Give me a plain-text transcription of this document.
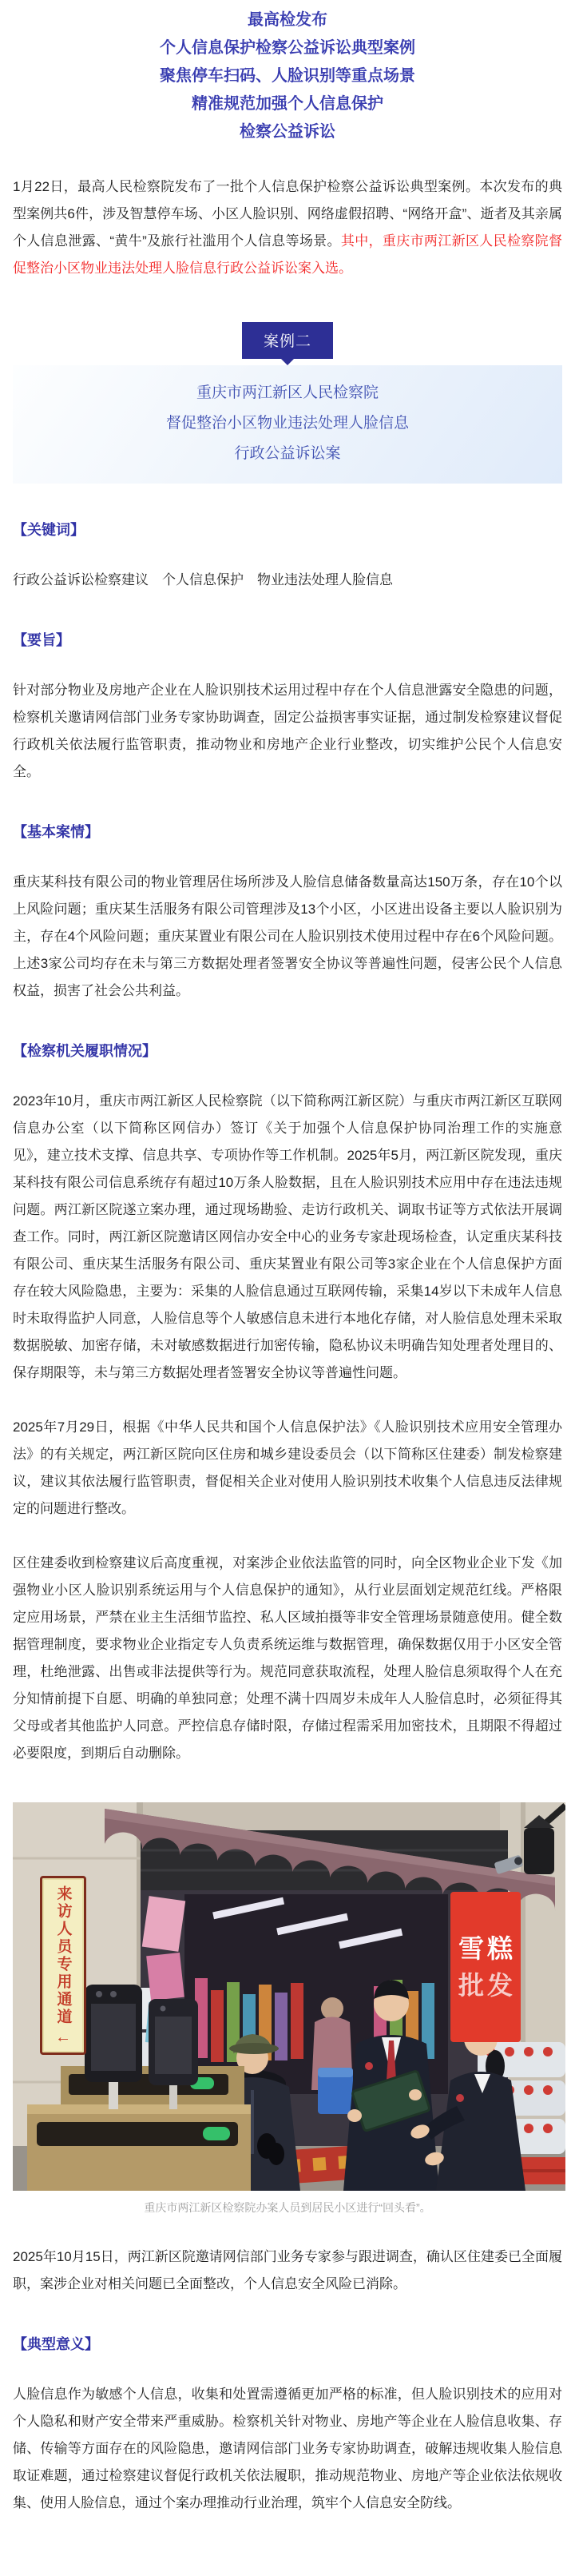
最高检发布

个人信息保护检察公益诉讼典型案例

聚焦停车扫码、人脸识别等重点场景

精准规范加强个人信息保护

检察公益诉讼

1月22日，最高人民检察院发布了一批个人信息保护检察公益诉讼典型案例。本次发布的典型案例共6件，涉及智慧停车场、小区人脸识别、网络虚假招聘、“网络开盒”、逝者及其亲属个人信息泄露、“黄牛”及旅行社滥用个人信息等场景。其中，重庆市两江新区人民检察院督促整治小区物业违法处理人脸信息行政公益诉讼案入选。

案例二

重庆市两江新区人民检察院

督促整治小区物业违法处理人脸信息

行政公益诉讼案

【关键词】

行政公益诉讼检察建议　个人信息保护　物业违法处理人脸信息

【要旨】

针对部分物业及房地产企业在人脸识别技术运用过程中存在个人信息泄露安全隐患的问题，检察机关邀请网信部门业务专家协助调查，固定公益损害事实证据，通过制发检察建议督促行政机关依法履行监管职责，推动物业和房地产企业行业整改，切实维护公民个人信息安全。

【基本案情】

重庆某科技有限公司的物业管理居住场所涉及人脸信息储备数量高达150万条，存在10个以上风险问题；重庆某生活服务有限公司管理涉及13个小区，小区进出设备主要以人脸识别为主，存在4个风险问题；重庆某置业有限公司在人脸识别技术使用过程中存在6个风险问题。上述3家公司均存在未与第三方数据处理者签署安全协议等普遍性问题，侵害公民个人信息权益，损害了社会公共利益。

【检察机关履职情况】

2023年10月，重庆市两江新区人民检察院（以下简称两江新区院）与重庆市两江新区互联网信息办公室（以下简称区网信办）签订《关于加强个人信息保护协同治理工作的实施意见》，建立技术支撑、信息共享、专项协作等工作机制。2025年5月，两江新区院发现，重庆某科技有限公司信息系统存有超过10万条人脸数据，且在人脸识别技术应用中存在违法违规问题。两江新区院遂立案办理，通过现场勘验、走访行政机关、调取书证等方式依法开展调查工作。同时，两江新区院邀请区网信办安全中心的业务专家赴现场检查，认定重庆某科技有限公司、重庆某生活服务有限公司、重庆某置业有限公司等3家企业在个人信息保护方面存在较大风险隐患，主要为：采集的人脸信息通过互联网传输，采集14岁以下未成年人信息时未取得监护人同意，人脸信息等个人敏感信息未进行本地化存储，对人脸信息处理未采取数据脱敏、加密存储，未对敏感数据进行加密传输，隐私协议未明确告知处理者处理目的、保存期限等，未与第三方数据处理者签署安全协议等普遍性问题。

2025年7月29日，根据《中华人民共和国个人信息保护法》《人脸识别技术应用安全管理办法》的有关规定，两江新区院向区住房和城乡建设委员会（以下简称区住建委）制发检察建议，建议其依法履行监管职责，督促相关企业对使用人脸识别技术收集个人信息违反法律规定的问题进行整改。

区住建委收到检察建议后高度重视，对案涉企业依法监管的同时，向全区物业企业下发《加强物业小区人脸识别系统运用与个人信息保护的通知》，从行业层面划定规范红线。严格限定应用场景，严禁在业主生活细节监控、私人区域拍摄等非安全管理场景随意使用。健全数据管理制度，要求物业企业指定专人负责系统运维与数据管理，确保数据仅用于小区安全管理，杜绝泄露、出售或非法提供等行为。规范同意获取流程，处理人脸信息须取得个人在充分知情前提下自愿、明确的单独同意；处理不满十四周岁未成年人人脸信息时，必须征得其父母或者其他监护人同意。严控信息存储时限，存储过程需采用加密技术，且期限不得超过必要限度，到期后自动删除。

来访人员专用通道
←
雪糕
批发
重庆市两江新区检察院办案人员到居民小区进行“回头看”。

2025年10月15日，两江新区院邀请网信部门业务专家参与跟进调查，确认区住建委已全面履职，案涉企业对相关问题已全面整改，个人信息安全风险已消除。

【典型意义】

人脸信息作为敏感个人信息，收集和处置需遵循更加严格的标准，但人脸识别技术的应用对个人隐私和财产安全带来严重威胁。检察机关针对物业、房地产等企业在人脸信息收集、存储、传输等方面存在的风险隐患，邀请网信部门业务专家协助调查，破解违规收集人脸信息取证难题，通过检察建议督促行政机关依法履职，推动规范物业、房地产等企业依法依规收集、使用人脸信息，通过个案办理推动行业治理，筑牢个人信息安全防线。
